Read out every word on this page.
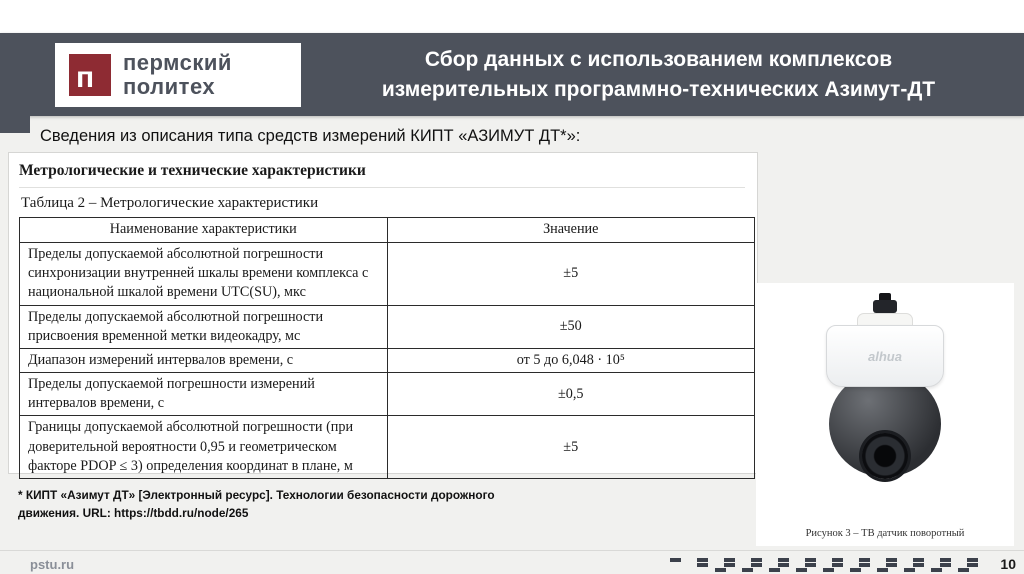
п	пермский
политех
Сбор данных с использованием комплексов
измерительных программно-технических Азимут-ДТ
Сведения из описания типа средств измерений КИПТ «АЗИМУТ ДТ*»:
Метрологические и технические характеристики
Таблица 2 – Метрологические характеристики
Наименование характеристики	Значение
Пределы допускаемой абсолютной погрешности синхронизации внутренней шкалы времени комплекса с национальной шкалой времени UTC(SU), мкс	±5
Пределы допускаемой абсолютной погрешности присвоения временной метки видеокадру, мс	±50
Диапазон измерений интервалов времени, с	от 5 до 6,048 · 10⁵
Пределы допускаемой погрешности измерений интервалов времени, с	±0,5
Границы допускаемой абсолютной погрешности (при доверительной вероятности 0,95 и геометрическом факторе PDOP ≤ 3) определения координат в плане, м	±5
alhua
Рисунок 3 – ТВ датчик поворотный
* КИПТ «Азимут ДТ» [Электронный ресурс]. Технологии безопасности дорожного
движения. URL: https://tbdd.ru/node/265
pstu.ru	10
